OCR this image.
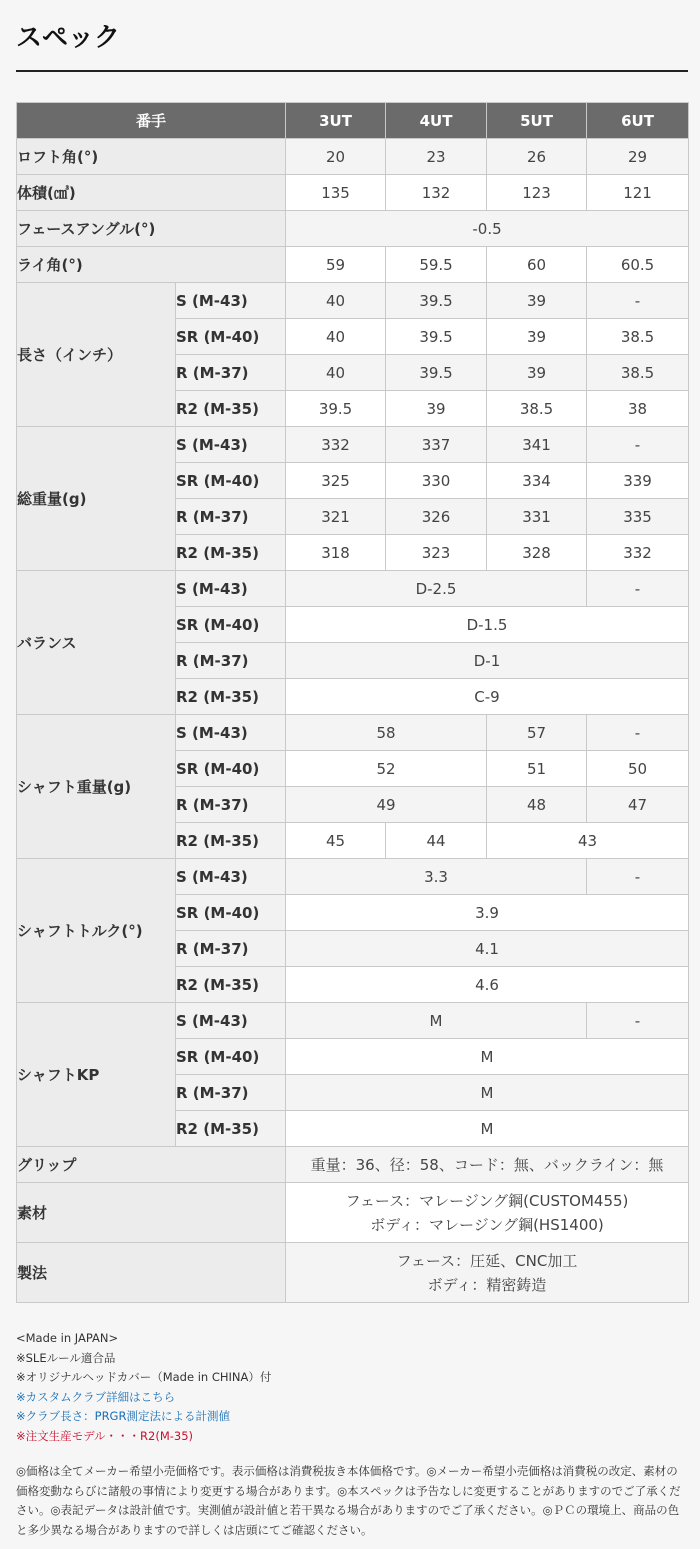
スペック
番手		3UT	4UT	5UT	6UT
ロフト角(°)		20	23	26	29
体積(㎤)		135	132	123	121
フェースアングル(°)		-0.5			
ライ角(°)		59	59.5	60	60.5
長さ（インチ）	S (M-43)	40	39.5	39	-
	SR (M-40)	40	39.5	39	38.5
	R (M-37)	40	39.5	39	38.5
	R2 (M-35)	39.5	39	38.5	38
総重量(g)	S (M-43)	332	337	341	-
	SR (M-40)	325	330	334	339
	R (M-37)	321	326	331	335
	R2 (M-35)	318	323	328	332
バランス	S (M-43)	D-2.5			-
	SR (M-40)	D-1.5			
	R (M-37)	D-1			
	R2 (M-35)	C-9			
シャフト重量(g)	S (M-43)	58		57	-
	SR (M-40)	52		51	50
	R (M-37)	49		48	47
	R2 (M-35)	45	44	43	
シャフトトルク(°)	S (M-43)	3.3			-
	SR (M-40)	3.9			
	R (M-37)	4.1			
	R2 (M-35)	4.6			
シャフトKP	S (M-43)	M			-
	SR (M-40)	M			
	R (M-37)	M			
	R2 (M-35)	M			
グリップ		重量：36、径：58、コード：無、バックライン：無			
素材		フェース：マレージング鋼(CUSTOM455)
ボディ：マレージング鋼(HS1400)			

製法		フェース：圧延、CNC加工
ボディ：精密鋳造			
<Made in JAPAN>
※SLEルール適合品
※オリジナルヘッドカバー（Made in CHINA）付
※カスタムクラブ詳細はこちら
※クラブ長さ：PRGR測定法による計測値
※注文生産モデル・・・R2(M-35)

◎価格は全てメーカー希望小売価格です。表示価格は消費税抜き本体価格です。◎メーカー希望小売価格は消費税の改定、素材の価格変動ならびに諸般の事情により変更する場合があります。◎本スペックは予告なしに変更することがありますのでご了承ください。◎表記データは設計値です。実測値が設計値と若干異なる場合がありますのでご了承ください。◎ＰＣの環境上、商品の色と多少異なる場合がありますので詳しくは店頭にてご確認ください。
